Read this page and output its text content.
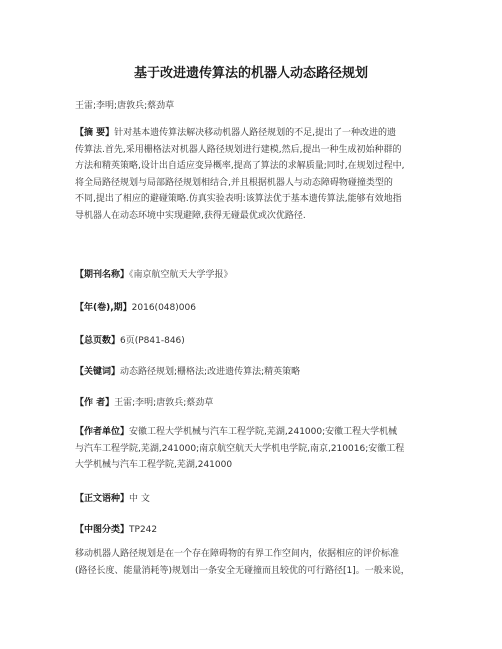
基于改进遗传算法的机器人动态路径规划
王雷;李明;唐敦兵;蔡劲草
【摘 要】针对基本遗传算法解决移动机器人路径规划的不足,提出了一种改进的遗
传算法.首先,采用栅格法对机器人路径规划进行建模,然后,提出一种生成初始种群的
方法和精英策略,设计出自适应变异概率,提高了算法的求解质量;同时,在规划过程中,
将全局路径规划与局部路径规划相结合,并且根据机器人与动态障碍物碰撞类型的
不同,提出了相应的避碰策略.仿真实验表明:该算法优于基本遗传算法,能够有效地指
导机器人在动态环境中实现避障,获得无碰最优或次优路径.
【期刊名称】《南京航空航天大学学报》
【年(卷),期】2016(048)006
【总页数】6页(P841-846)
【关键词】动态路径规划;栅格法;改进遗传算法;精英策略
【作 者】王雷;李明;唐敦兵;蔡劲草
【作者单位】安徽工程大学机械与汽车工程学院,芜湖,241000;安徽工程大学机械
与汽车工程学院,芜湖,241000;南京航空航天大学机电学院,南京,210016;安徽工程
大学机械与汽车工程学院,芜湖,241000
【正文语种】中 文
【中图分类】TP242
移动机器人路径规划是在一个存在障碍物的有界工作空间内，依据相应的评价标准
(路径长度、能量消耗等)规划出一条安全无碰撞而且较优的可行路径[1]。一般来说，
